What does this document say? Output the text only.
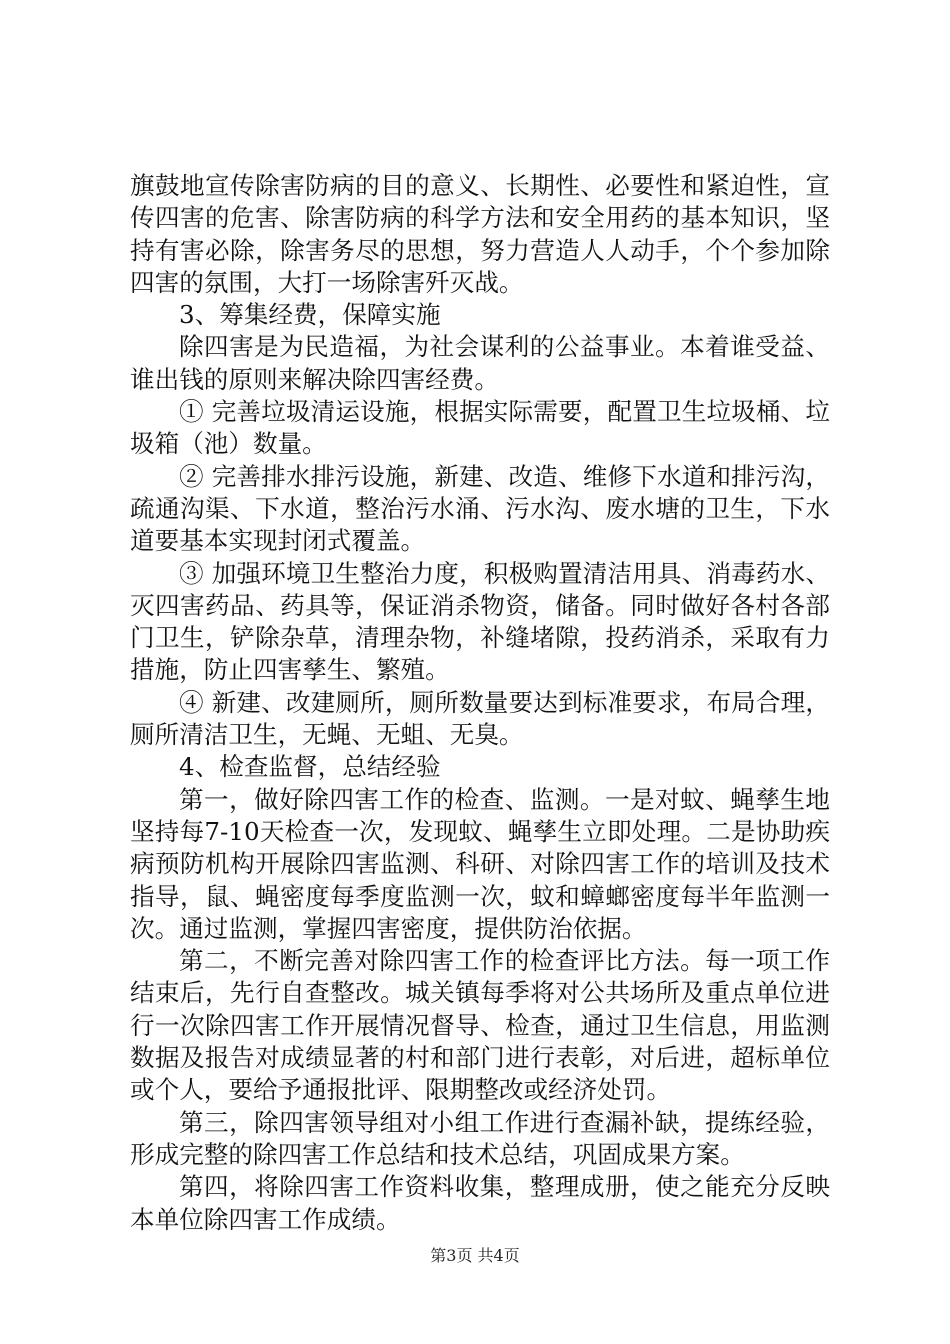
旗鼓地宣传除害防病的目的意义、长期性、必要性和紧迫性，宣传四害的危害、除害防病的科学方法和安全用药的基本知识，坚持有害必除，除害务尽的思想，努力营造人人动手，个个参加除四害的氛围，大打一场除害歼灭战。

3、筹集经费，保障实施

除四害是为民造福，为社会谋利的公益事业。本着谁受益、谁出钱的原则来解决除四害经费。

① 完善垃圾清运设施，根据实际需要，配置卫生垃圾桶、垃圾箱（池）数量。

② 完善排水排污设施，新建、改造、维修下水道和排污沟，疏通沟渠、下水道，整治污水涌、污水沟、废水塘的卫生，下水道要基本实现封闭式覆盖。

③ 加强环境卫生整治力度，积极购置清洁用具、消毒药水、灭四害药品、药具等，保证消杀物资，储备。同时做好各村各部门卫生，铲除杂草，清理杂物，补缝堵隙，投药消杀，采取有力措施，防止四害孳生、繁殖。

④ 新建、改建厕所，厕所数量要达到标准要求，布局合理，厕所清洁卫生，无蝇、无蛆、无臭。

4、检查监督，总结经验

第一，做好除四害工作的检查、监测。一是对蚊、蝇孳生地坚持每7-10天检查一次，发现蚊、蝇孳生立即处理。二是协助疾病预防机构开展除四害监测、科研、对除四害工作的培训及技术指导，鼠、蝇密度每季度监测一次，蚊和蟑螂密度每半年监测一次。通过监测，掌握四害密度，提供防治依据。

第二，不断完善对除四害工作的检查评比方法。每一项工作结束后，先行自查整改。城关镇每季将对公共场所及重点单位进行一次除四害工作开展情况督导、检查，通过卫生信息，用监测数据及报告对成绩显著的村和部门进行表彰，对后进，超标单位或个人，要给予通报批评、限期整改或经济处罚。

第三，除四害领导组对小组工作进行查漏补缺，提练经验，形成完整的除四害工作总结和技术总结，巩固成果方案。

第四，将除四害工作资料收集，整理成册，使之能充分反映本单位除四害工作成绩。

第3页 共4页
